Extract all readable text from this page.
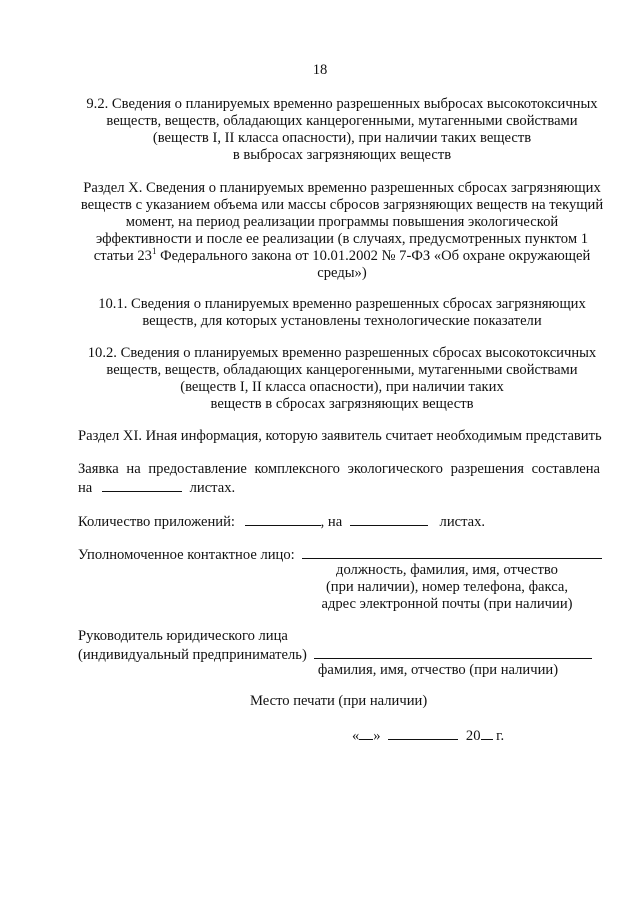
18
9.2. Сведения о планируемых временно разрешенных выбросах высокотоксичных
веществ, веществ, обладающих канцерогенными, мутагенными свойствами
(веществ I, II класса опасности), при наличии таких веществ
в выбросах загрязняющих веществ
Раздел X. Сведения о планируемых временно разрешенных сбросах загрязняющих
веществ с указанием объема или массы сбросов загрязняющих веществ на текущий
момент, на период реализации программы повышения экологической
эффективности и после ее реализации (в случаях, предусмотренных пунктом 1
статьи $23^1$ Федерального закона от 10.01.2002 № 7-ФЗ «Об охране окружающей
среды»)
10.1. Сведения о планируемых временно разрешенных сбросах загрязняющих
веществ, для которых установлены технологические показатели
10.2. Сведения о планируемых временно разрешенных сбросах высокотоксичных
веществ, веществ, обладающих канцерогенными, мутагенными свойствами
(веществ I, II класса опасности), при наличии таких
веществ в сбросах загрязняющих веществ
Раздел XI. Иная информация, которую заявитель считает необходимым представить
Заявка на предоставление комплексного экологического разрешения составлена
на	листах.
Количество приложений:	, на	листах.
Уполномоченное контактное лицо:
должность, фамилия, имя, отчество
(при наличии), номер телефона, факса,
адрес электронной почты (при наличии)
Руководитель юридического лица
(индивидуальный предприниматель)
фамилия, имя, отчество (при наличии)
Место печати (при наличии)
« »	20 г.
